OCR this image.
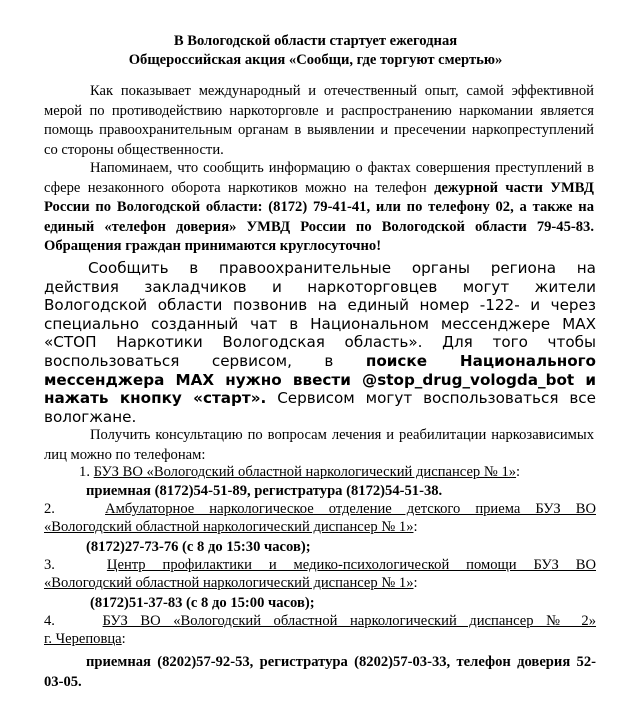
В Вологодской области стартует ежегодная
Общероссийская акция «Сообщи, где торгуют смертью»
Как показывает международный и отечественный опыт, самой эффективной мерой по противодействию наркоторговле и распространению наркомании является помощь правоохранительным органам в выявлении и пресечении наркопреступлений со стороны общественности.
Напоминаем, что сообщить информацию о фактах совершения преступлений в сфере незаконного оборота наркотиков можно на телефон дежурной части УМВД России по Вологодской области: (8172) 79-41-41, или по телефону 02, а также на единый «телефон доверия» УМВД России по Вологодской области 79-45-83. Обращения граждан принимаются круглосуточно!
Сообщить в правоохранительные органы региона на действия закладчиков и наркоторговцев могут жители Вологодской области позвонив на единый номер -122- и через специально созданный чат в Национальном мессенджере MAX «СТОП Наркотики Вологодская область». Для того чтобы воспользоваться сервисом, в поиске Национального мессенджера MAX нужно ввести @stop_drug_vologda_bot и нажать кнопку «старт». Сервисом могут воспользоваться все вологжане.
Получить консультацию по вопросам лечения и реабилитации наркозависимых лиц можно по телефонам:
1. БУЗ ВО «Вологодский областной наркологический диспансер № 1»:
приемная (8172)54-51-89, регистратура (8172)54-51-38.
2.	Амбулаторное наркологическое отделение детского приема БУЗ ВО
«Вологодский областной наркологический диспансер № 1»:
(8172)27-73-76 (с 8 до 15:30 часов);
3.	Центр профилактики и медико-психологической помощи БУЗ ВО
«Вологодский областной наркологический диспансер № 1»:
(8172)51-37-83 (с 8 до 15:00 часов);
4.	БУЗ ВО «Вологодский областной наркологический диспансер № 2»
г. Череповца:
приемная (8202)57-92-53, регистратура (8202)57-03-33, телефон доверия 52-03-05.
